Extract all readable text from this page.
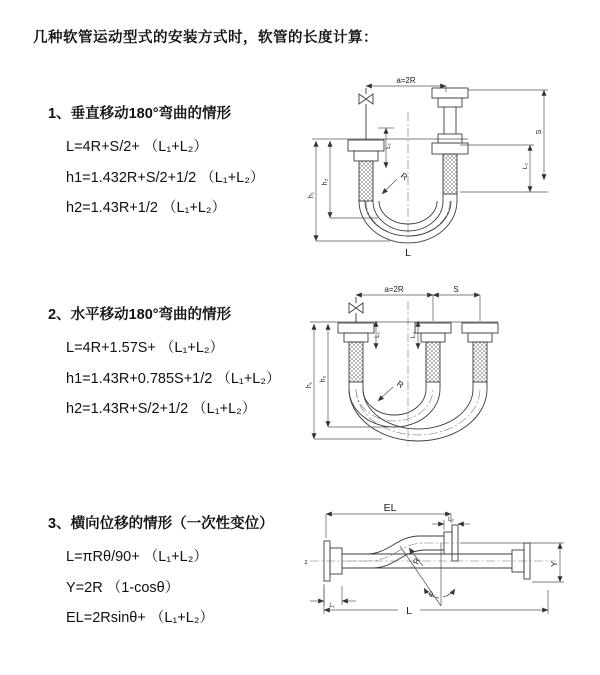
几种软管运动型式的安装方式时，软管的长度计算：
1、垂直移动180°弯曲的情形
L=4R+S/2+ （L₁+L₂）
h1=1.432R+S/2+1/2 （L₁+L₂）
h2=1.43R+1/2 （L₁+L₂）
2、水平移动180°弯曲的情形
L=4R+1.57S+ （L₁+L₂）
h1=1.43R+0.785S+1/2 （L₁+L₂）
h2=1.43R+S/2+1/2 （L₁+L₂）
3、横向位移的情形（一次性变位）
L=πRθ/90+ （L₁+L₂）
Y=2R （1-cosθ）
EL=2Rsinθ+ （L₁+L₂）
a=2R
L₁
S
L₂
h₁
h₂	R
L
a=2R	S
L₁	L₂
h₁
h₂	R
EL
L₂
Y
R
θ
L
L₁
z
